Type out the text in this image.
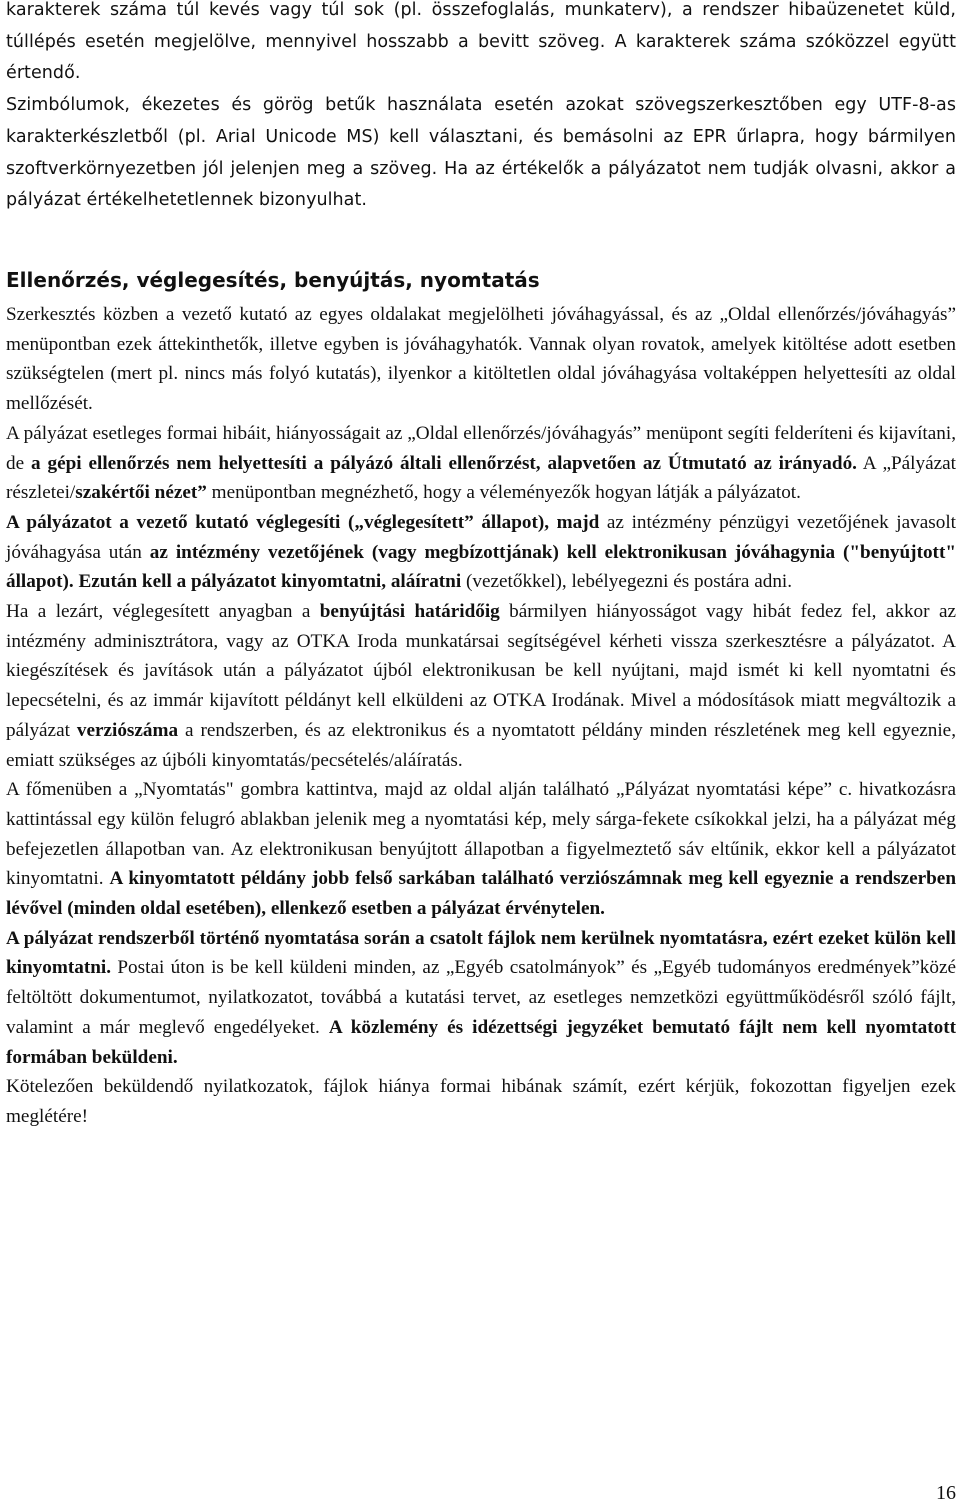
karakterek száma túl kevés vagy túl sok (pl. összefoglalás, munkaterv), a rendszer hibaüzenetet küld, túllépés esetén megjelölve, mennyivel hosszabb a bevitt szöveg. A karakterek száma szóközzel együtt értendő.

Szimbólumok, ékezetes és görög betűk használata esetén azokat szövegszerkesztőben egy UTF-8-as karakterkészletből (pl. Arial Unicode MS) kell választani, és bemásolni az EPR űrlapra, hogy bármilyen szoftverkörnyezetben jól jelenjen meg a szöveg. Ha az értékelők a pályázatot nem tudják olvasni, akkor a pályázat értékelhetetlennek bizonyulhat.

Ellenőrzés, véglegesítés, benyújtás, nyomtatás

Szerkesztés közben a vezető kutató az egyes oldalakat megjelölheti jóváhagyással, és az „Oldal ellenőrzés/jóváhagyás” menüpontban ezek áttekinthetők, illetve egyben is jóváhagyhatók. Vannak olyan rovatok, amelyek kitöltése adott esetben szükségtelen (mert pl. nincs más folyó kutatás), ilyenkor a kitöltetlen oldal jóváhagyása voltaképpen helyettesíti az oldal mellőzését.

A pályázat esetleges formai hibáit, hiányosságait az „Oldal ellenőrzés/jóváhagyás” menüpont segíti felderíteni és kijavítani, de a gépi ellenőrzés nem helyettesíti a pályázó általi ellenőrzést, alapvetően az Útmutató az irányadó. A „Pályázat részletei/szakértői nézet” menüpontban megnézhető, hogy a véleményezők hogyan látják a pályázatot.

A pályázatot a vezető kutató véglegesíti („véglegesített” állapot), majd az intézmény pénzügyi vezetőjének javasolt jóváhagyása után az intézmény vezetőjének (vagy megbízottjának) kell elektronikusan jóváhagynia ("benyújtott" állapot). Ezután kell a pályázatot kinyomtatni, aláíratni (vezetőkkel), lebélyegezni és postára adni.

Ha a lezárt, véglegesített anyagban a benyújtási határidőig bármilyen hiányosságot vagy hibát fedez fel, akkor az intézmény adminisztrátora, vagy az OTKA Iroda munkatársai segítségével kérheti vissza szerkesztésre a pályázatot. A kiegészítések és javítások után a pályázatot újból elektronikusan be kell nyújtani, majd ismét ki kell nyomtatni és lepecsételni, és az immár kijavított példányt kell elküldeni az OTKA Irodának. Mivel a módosítások miatt megváltozik a pályázat verziószáma a rendszerben, és az elektronikus és a nyomtatott példány minden részletének meg kell egyeznie, emiatt szükséges az újbóli kinyomtatás/pecsételés/aláíratás.

A főmenüben a „Nyomtatás" gombra kattintva, majd az oldal alján található „Pályázat nyomtatási képe” c. hivatkozásra kattintással egy külön felugró ablakban jelenik meg a nyomtatási kép, mely sárga-fekete csíkokkal jelzi, ha a pályázat még befejezetlen állapotban van. Az elektronikusan benyújtott állapotban a figyelmeztető sáv eltűnik, ekkor kell a pályázatot kinyomtatni. A kinyomtatott példány jobb felső sarkában található verziószámnak meg kell egyeznie a rendszerben lévővel (minden oldal esetében), ellenkező esetben a pályázat érvénytelen.

A pályázat rendszerből történő nyomtatása során a csatolt fájlok nem kerülnek nyomtatásra, ezért ezeket külön kell kinyomtatni. Postai úton is be kell küldeni minden, az „Egyéb csatolmányok” és „Egyéb tudományos eredmények”közé feltöltött dokumentumot, nyilatkozatot, továbbá a kutatási tervet, az esetleges nemzetközi együttműködésről szóló fájlt, valamint a már meglevő engedélyeket. A közlemény és idézettségi jegyzéket bemutató fájlt nem kell nyomtatott formában beküldeni.

Kötelezően beküldendő nyilatkozatok, fájlok hiánya formai hibának számít, ezért kérjük, fokozottan figyeljen ezek meglétére!

16
